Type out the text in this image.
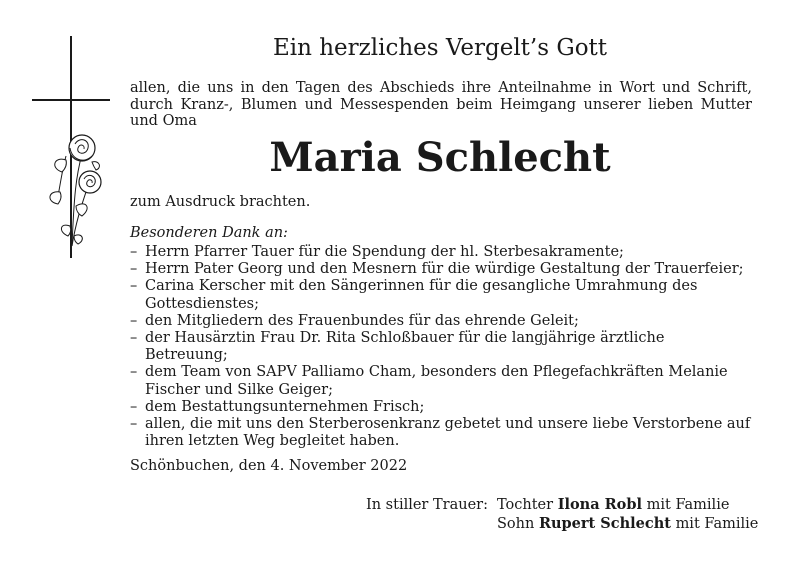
Ein herzliches Vergelt’s Gott
allen, die uns in den Tagen des Abschieds ihre Anteilnahme in Wort und Schrift, durch Kranz-, Blumen und Messespenden beim Heimgang unserer lieben Mutter und Oma
Maria Schlecht
zum Ausdruck brachten.
Besonderen Dank an:
– Herrn Pfarrer Tauer für die Spendung der hl. Sterbesakramente;
– Herrn Pater Georg und den Mesnern für die würdige Gestaltung der Trauerfeier;
– Carina Kerscher mit den Sängerinnen für die gesangliche Umrahmung des
Gottesdienstes;
– den Mitgliedern des Frauenbundes für das ehrende Geleit;
– der Hausärztin Frau Dr. Rita Schloßbauer für die langjährige ärztliche
Betreuung;
– dem Team von SAPV Palliamo Cham, besonders den Pflegefachkräften Melanie
Fischer und Silke Geiger;
– dem Bestattungsunternehmen Frisch;
– allen, die mit uns den Sterberosenkranz gebetet und unsere liebe Verstorbene auf
ihren letzten Weg begleitet haben.
Schönbuchen, den 4. November 2022
In stiller Trauer: Tochter Ilona Robl mit Familie
Sohn Rupert Schlecht mit Familie
